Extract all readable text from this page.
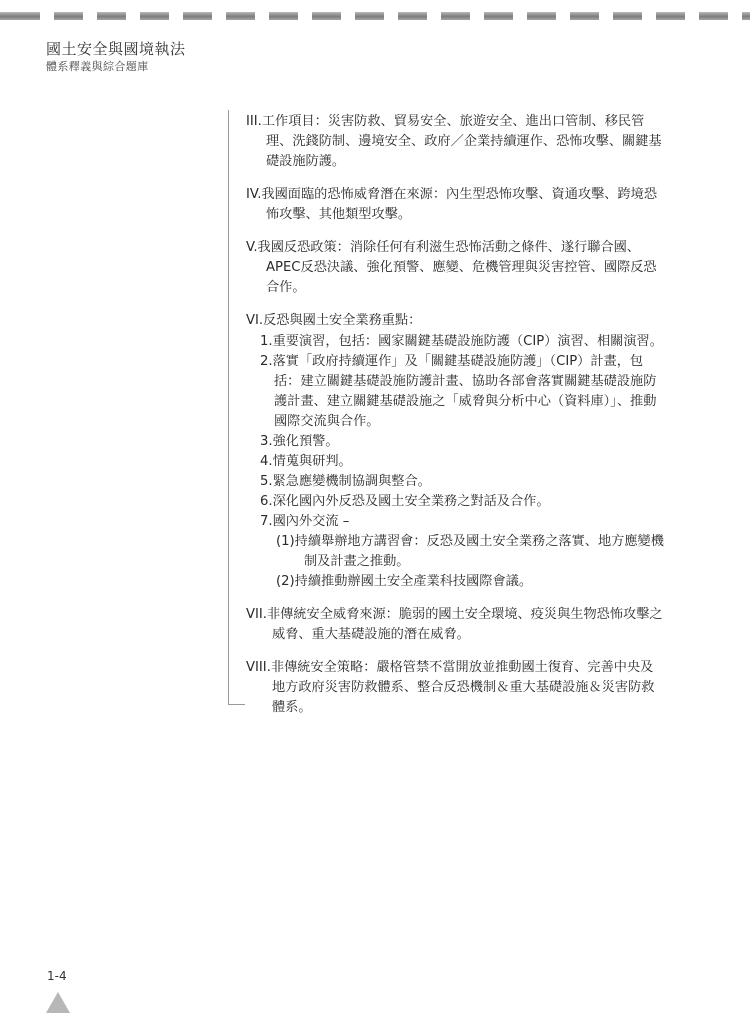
國土安全與國境執法
體系釋義與綜合題庫

III.工作項目：災害防救、貿易安全、旅遊安全、進出口管制、移民管理、洗錢防制、邊境安全、政府／企業持續運作、恐怖攻擊、關鍵基礎設施防護。

IV.我國面臨的恐怖威脅潛在來源：內生型恐怖攻擊、資通攻擊、跨境恐怖攻擊、其他類型攻擊。

V.我國反恐政策：消除任何有利滋生恐怖活動之條件、遂行聯合國、APEC反恐決議、強化預警、應變、危機管理與災害控管、國際反恐合作。

VI.反恐與國土安全業務重點：

1.重要演習，包括：國家關鍵基礎設施防護（CIP）演習、相關演習。
2.落實「政府持續運作」及「關鍵基礎設施防護」（CIP）計畫，包括：建立關鍵基礎設施防護計畫、協助各部會落實關鍵基礎設施防護計畫、建立關鍵基礎設施之「威脅與分析中心（資料庫）」、推動國際交流與合作。
3.強化預警。
4.情蒐與研判。
5.緊急應變機制協調與整合。
6.深化國內外反恐及國土安全業務之對話及合作。
7.國內外交流 –
(1)持續舉辦地方講習會：反恐及國土安全業務之落實、地方應變機制及計畫之推動。
(2)持續推動辦國土安全產業科技國際會議。

VII.非傳統安全威脅來源：脆弱的國土安全環境、疫災與生物恐怖攻擊之威脅、重大基礎設施的潛在威脅。

VIII.非傳統安全策略：嚴格管禁不當開放並推動國土復育、完善中央及地方政府災害防救體系、整合反恐機制＆重大基礎設施＆災害防救體系。

1-4
